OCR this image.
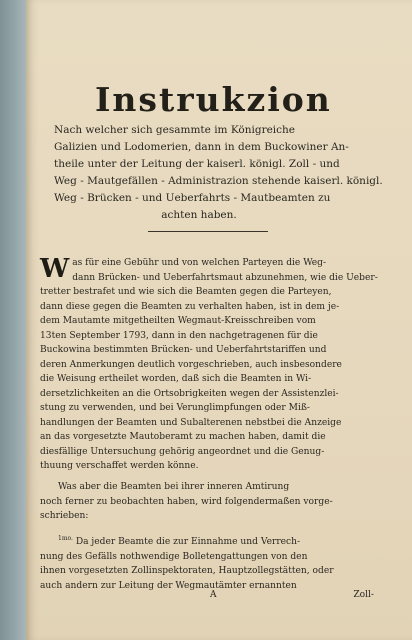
Instrukzion
Nach welcher sich gesammte im Königreiche
Galizien und Lodomerien, dann in dem Buckowiner An-
theile unter der Leitung der kaiserl. königl. Zoll - und
Weg - Mautgefällen - Administrazion stehende kaiserl. königl.
Weg - Brücken - und Ueberfahrts - Mautbeamten zu
achten haben.
W as für eine Gebühr und von welchen Parteyen die Weg-
dann Brücken- und Ueberfahrtsmaut abzunehmen, wie die Ueber-
tretter bestrafet und wie sich die Beamten gegen die Parteyen,
dann diese gegen die Beamten zu verhalten haben, ist in dem je-
dem Mautamte mitgetheilten Wegmaut-Kreisschreiben vom
13ten September 1793, dann in den nachgetragenen für die
Buckowina bestimmten Brücken- und Ueberfahrtstariffen und
deren Anmerkungen deutlich vorgeschrieben, auch insbesondere
die Weisung ertheilet worden, daß sich die Beamten in Wi-
dersetzlichkeiten an die Ortsobrigkeiten wegen der Assistenzlei-
stung zu verwenden, und bei Verunglimpfungen oder Miß-
handlungen der Beamten und Subalterenen nebstbei die Anzeige
an das vorgesetzte Mautoberamt zu machen haben, damit die
diesfällige Untersuchung gehörig angeordnet und die Genug-
thuung verschaffet werden könne.
Was aber die Beamten bei ihrer inneren Amtirung
noch ferner zu beobachten haben, wird folgendermaßen vorge-
schrieben:
$^{1mo.}$ Da jeder Beamte die zur Einnahme und Verrech-
nung des Gefälls nothwendige Bolletengattungen von den
ihnen vorgesetzten Zollinspektoraten, Hauptzollegstätten, oder
auch andern zur Leitung der Wegmautämter ernannten
A	Zoll-
